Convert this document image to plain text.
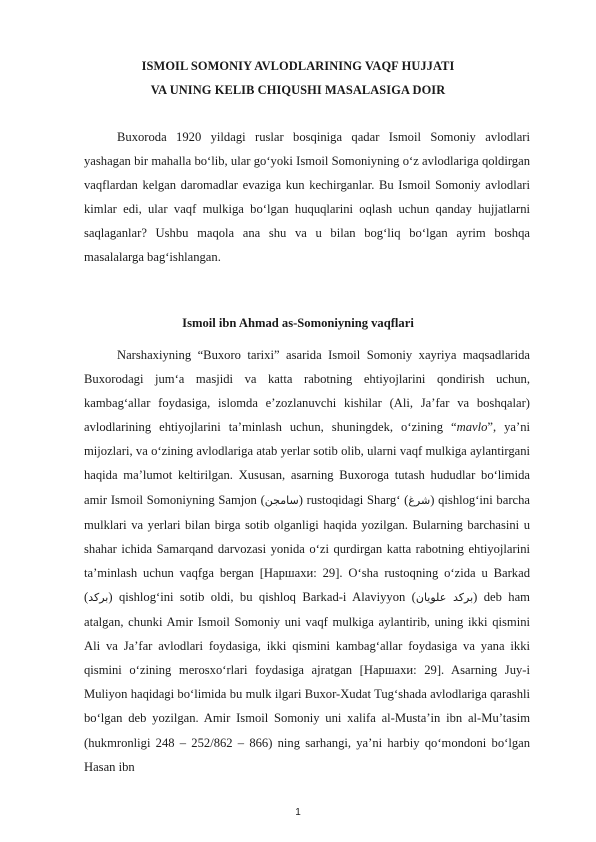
ISMOIL SOMONIY AVLODLARINING VAQF HUJJATI
VA UNING KELIB CHIQUSHI MASALASIGA DOIR

Buxoroda 1920 yildagi ruslar bosqiniga qadar Ismoil Somoniy avlodlari yashagan bir mahalla bo‘lib, ular go‘yoki Ismoil Somoniyning o‘z avlodlariga qoldirgan vaqflardan kelgan daromadlar evaziga kun kechirganlar. Bu Ismoil Somoniy avlodlari kimlar edi, ular vaqf mulkiga bo‘lgan huquqlarini oqlash uchun qanday hujjatlarni saqlaganlar? Ushbu maqola ana shu va u bilan bog‘liq bo‘lgan ayrim boshqa masalalarga bag‘ishlangan.

Ismoil ibn Ahmad as-Somoniyning vaqflari

Narshaxiyning “Buxoro tarixi” asarida Ismoil Somoniy xayriya maqsadlarida Buxorodagi jum‘a masjidi va katta rabotning ehtiyojlarini qondirish uchun, kambag‘allar foydasiga, islomda e’zozlanuvchi kishilar (Ali, Ja’far va boshqalar) avlodlarining ehtiyojlarini ta’minlash uchun, shuningdek, o‘zining “mavlo”, ya’ni mijozlari, va o‘zining avlodlariga atab yerlar sotib olib, ularni vaqf mulkiga aylantirgani haqida ma’lumot keltirilgan. Xususan, asarning Buxoroga tutash hududlar bo‘limida amir Ismoil Somoniyning Samjon (سامجن) rustoqidagi Sharg‘ (شرغ) qishlog‘ini barcha mulklari va yerlari bilan birga sotib olganligi haqida yozilgan. Bularning barchasini u shahar ichida Samarqand darvozasi yonida o‘zi qurdirgan katta rabotning ehtiyojlarini ta’minlash uchun vaqfga bergan [Наршахи: 29]. O‘sha rustoqning o‘zida u Barkad (برکد) qishlog‘ini sotib oldi, bu qishloq Barkad-i Alaviyyon (برکد علویان) deb ham atalgan, chunki Amir Ismoil Somoniy uni vaqf mulkiga aylantirib, uning ikki qismini Ali va Ja’far avlodlari foydasiga, ikki qismini kambag‘allar foydasiga va yana ikki qismini o‘zining merosxo‘rlari foydasiga ajratgan [Наршахи: 29]. Asarning Juy-i Muliyon haqidagi bo‘limida bu mulk ilgari Buxor-Xudat Tug‘shada avlodlariga qarashli bo‘lgan deb yozilgan. Amir Ismoil Somoniy uni xalifa al-Musta’in ibn al-Mu’tasim (hukmronligi 248 – 252/862 – 866) ning sarhangi, ya’ni harbiy qo‘mondoni bo‘lgan Hasan ibn

1
